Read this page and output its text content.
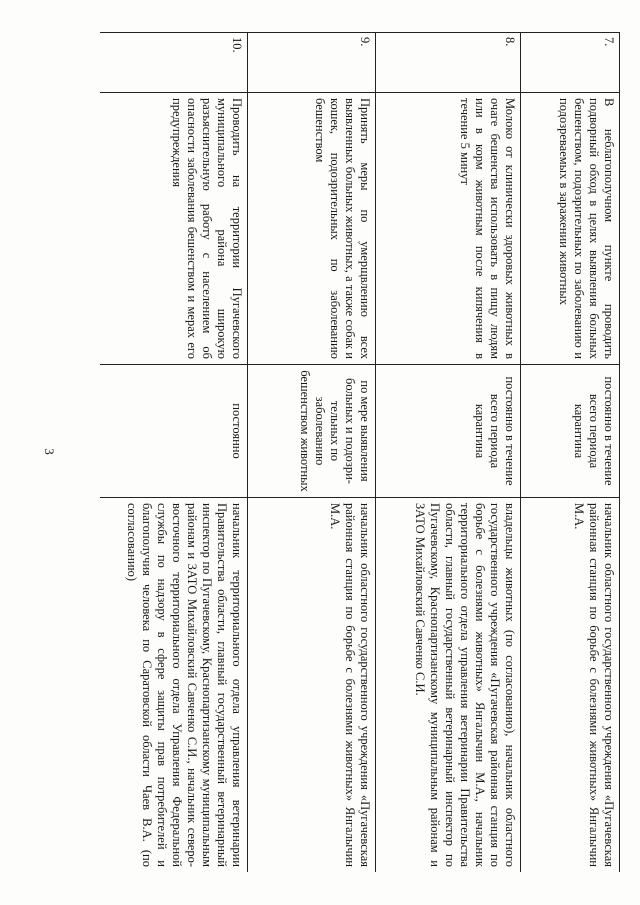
3
7.	В неблагополучном пункте проводить подворный обход в целях выявления больных бешенством, подозрительных по заболеванию и подозреваемых в заражении животных	постоянно в течение всего периода карантина	начальник областного государственного учреждения «Пугачевская районная станция по борьбе с болезнями животных» Янгалычин М.А.
8.	Молоко от клинически здоровых животных в очаге бешенства использовать в пищу людям или в корм животным после кипячения в течение 5 минут	постоянно в течение всего периода карантина	владельцы животных (по согласованию), начальник областного государственного учреждения «Пугачевская районная станция по борьбе с болезнями животных» Янгалычин М.А., начальник территориального отдела управления ветеринарии Правительства области, главный государственный ветеринарный инспектор по Пугачевскому, Краснопартизанскому муниципальным районам и ЗАТО Михайловский Савченко С.И.
9.	Принять меры по умерщвлению всех выявленных больных животных, а также собак и кошек, подозрительных по заболеванию бешенством	по мере выявления больных и подозри-тельных по заболеванию бешенством животных	начальник областного государственного учреждения «Пугачевская районная станция по борьбе с болезнями животных» Янгалычин М.А.
10.	Проводить на территории Пугачевского муниципального района широкую разъяснительную работу с населением об опасности заболевания бешенством и мерах его предупреждения	постоянно	начальник территориального отдела управления ветеринарии Правительства области, главный государственный ветеринарный инспектор по Пугачевскому, Краснопартизанскому муниципальным районам и ЗАТО Михайловский Савченко С.И., начальник северо-восточного территориального отдела Управления Федеральной службы по надзору в сфере защиты прав потребителей и благополучия человека по Саратовской области Чаев В.А. (по согласованию)
